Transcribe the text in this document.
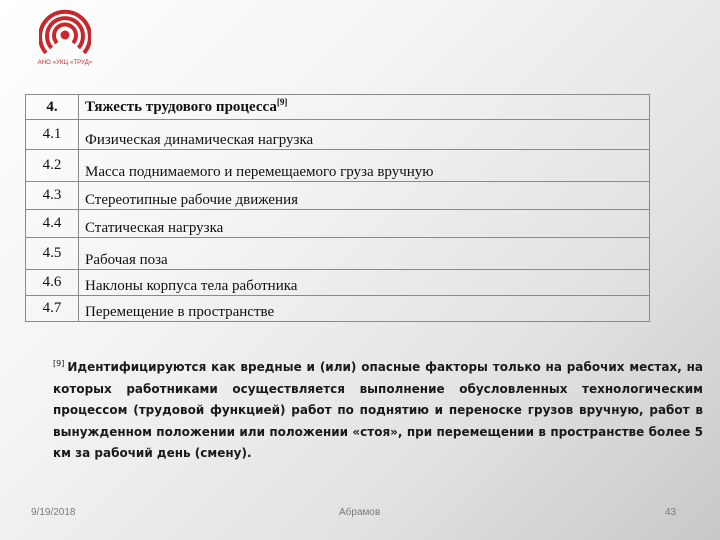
АНО «УКЦ «ТРУД»
4.	Тяжесть трудового процесса[9]
4.1	Физическая динамическая нагрузка
4.2	Масса поднимаемого и перемещаемого груза вручную
4.3	Стереотипные рабочие движения
4.4	Статическая нагрузка
4.5	Рабочая поза
4.6	Наклоны корпуса тела работника
4.7	Перемещение в пространстве
[9] Идентифицируются как вредные и (или) опасные факторы только на рабочих местах, на которых работниками осуществляется выполнение обусловленных технологическим процессом (трудовой функцией) работ по поднятию и переноске грузов вручную, работ в вынужденном положении или положении «стоя», при перемещении в пространстве более 5 км за рабочий день (смену).
9/19/2018	Абрамов	43
